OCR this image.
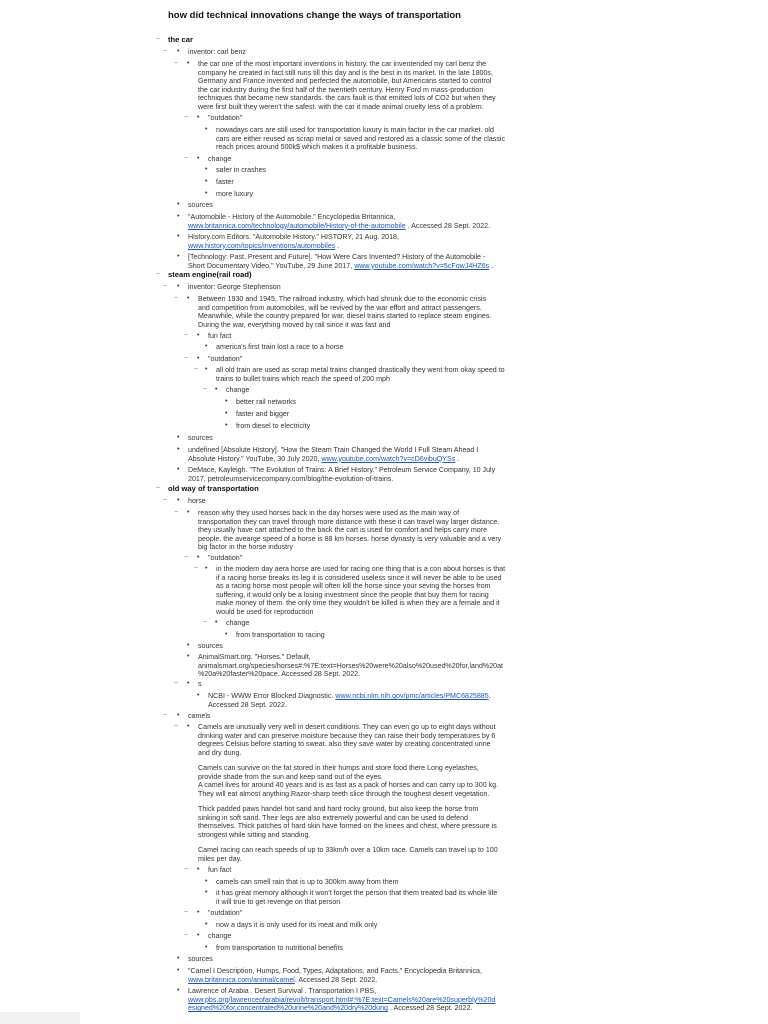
how did technical innovations change the ways of transportation
− the car
− • inventor: carl benz
− • the car one of the most important inventions in history. the car inventended my carl benz the
company he created in fact still runs till this day and is the best in its market. In the late 1800s,
Germany and France invented and perfected the automobile, but Americans started to control
the car industry during the first half of the twentieth century. Henry Ford m mass-production
techniques that became new standards. the cars fault is that emitted lots of CO2 but when they
were first built they weren't the safest. with the car it made animal cruelty less of a problem.
− • "outdation"
• nowadays cars are still used for transportation luxury is main factor in the car market. old
cars are either reused as scrap metal or saved and restored as a classic some of the classic
reach prices around 500k$ which makes it a profitable business.
− • change
• safer in crashes
• faster
• more luxury
• sources
• "Automobile - History of the Automobile." Encyclopedia Britannica,
www.britannica.com/technology/automobile/History-of-the-automobile . Accessed 28 Sept. 2022.
• History.com Editors. "Automobile History." HISTORY, 21 Aug. 2018,
www.history.com/topics/inventions/automobiles .
• [Technology: Past, Present and Future]. "How Were Cars Invented? History of the Automobile -
Short Documentary Video." YouTube, 29 June 2017, www.youtube.com/watch?v=5cFowJ4HZ6s .
− steam engine(rail road)
− • inventor: George Stephenson
− • Between 1930 and 1945, The railroad industry, which had shrunk due to the economic crisis
and competition from automobiles, will be revived by the war effort and attract passengers.
Meanwhile, while the country prepared for war, diesel trains started to replace steam engines.
During the war, everything moved by rail since it was fast and
− • fun fact
• america's first train lost a race to a horse
− • "outdation"
− • all old train are used as scrap metal trains changed drastically they went from okay speed to
trains to bullet trains which reach the speed of 200 mph
− • change
• better rail networks
• faster and bigger
• from diesel to electricity
• sources
• undefined [Absolute History]. "How the Steam Train Changed the World I Full Steam Ahead I
Absolute History." YouTube, 30 July 2020, www.youtube.com/watch?v=cD6vibuQYSs .
• DeMace, Kayleigh. "The Evolution of Trains: A Brief History." Petroleum Service Company, 10 July
2017, petroleumservicecompany.com/blog/the-evolution-of-trains.
− old way of transportation
− • horse
− • reason why they used horses back in the day horses were used as the main way of
transportation they can travel through more distance with these it can travel way larger distance.
they usually have cart attached to the back the cart is used for comfort and helps carry more
people. the avearge speed of a horse is 88 km horses. horse dynasty is very valuable and a very
big factor in the horse industry
− • "outdation"
− • in the modern day aera horse are used for racing one thing that is a con about horses is that
if a racing horse breaks its leg it is considered useless since it will never be able to be used
as a racing horse most people will often kill the horse since your seving the horses from
suffering, it would only be a losing investment since the people that buy them for racing
make money of them. the only time they wouldn't be killed is when they are a female and it
would be used for reproduction
− • change
• from transportation to racing
• sources
• AnimalSmart.org. "Horses." Default,
animalsmart.org/species/horses#:%7E:text=Horses%20were%20also%20used%20for,land%20at
%20a%20faster%20pace. Accessed 28 Sept. 2022.
− • s
• NCBI - WWW Error Blocked Diagnostic. www.ncbi.nlm.nih.gov/pmc/articles/PMC6825885.
Accessed 28 Sept. 2022.
− • camels
− • Camels are unusually very well in desert conditions. They can even go up to eight days without
drinking water and can preserve moisture because they can raise their body temperatures by 6
degrees Celsius before starting to sweat. also they save water by creating concentrated urine
and dry dung.
Camels can survive on the fat stored in their humps and store food there Long eyelashes,
provide shade from the sun and keep sand out of the eyes.
A camel lives for around 40 years and is as fast as a pack of horses and can carry up to 300 kg.
They will eat almost anything.Razor-sharp teeth slice through the toughest desert vegetation.
Thick padded paws handel hot sand and hard rocky ground, but also keep the horse from
sinking in soft sand. Their legs are also extremely powerful and can be used to defend
themselves. Thick patches of hard skin have formed on the knees and chest, where pressure is
strongest while sitting and standing.
Camel racing can reach speeds of up to 33km/h over a 10km race. Camels can travel up to 100
miles per day.
− • fun fact
• camels can smell rain that is up to 300km away from them
• it has great memory although it won't forget the person that them treated bad its whole life
it will true to get revenge on that person
− • "outdation"
• now a days it is only used for its meat and milk only
− • change
• from transportation to nutritional benefits
• sources
• "Camel I Description, Humps, Food, Types, Adaptations, and Facts." Encyclopedia Britannica,
www.britannica.com/animal/camel. Accessed 28 Sept. 2022.
• Lawrence of Arabia . Desert Survival . Transportation I PBS,
www.pbs.org/lawrenceofarabia/revolt/transport.html#:%7E:text=Camels%20are%20superbly%20d
esigned%20for,concentrated%20urine%20and%20dry%20dung . Accessed 28 Sept. 2022.
